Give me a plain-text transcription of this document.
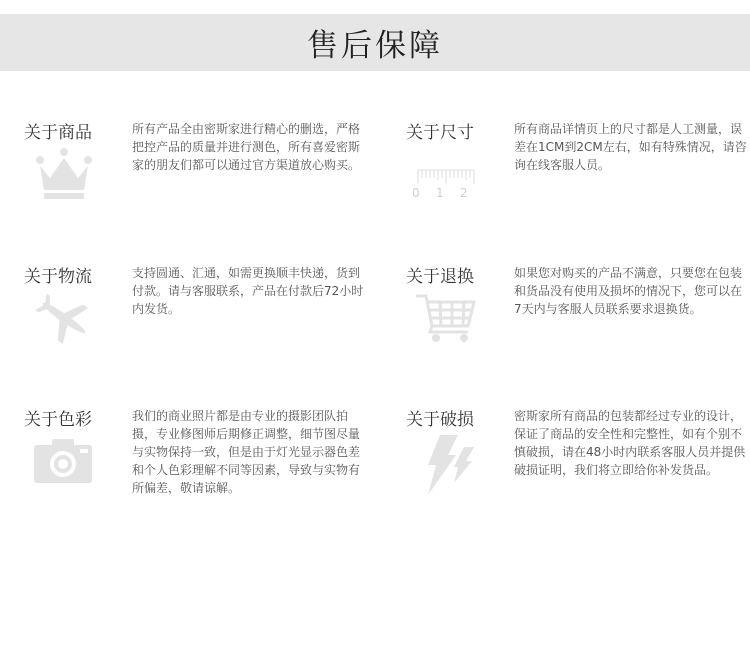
售后保障
关于商品	所有产品全由密斯家进行精心的删选，严格把控产品的质量并进行测色，所有喜爱密斯家的朋友们都可以通过官方渠道放心购买。
关于尺寸
0 1 2
所有商品详情页上的尺寸都是人工测量，误差在1CM到2CM左右，如有特殊情况，请咨询在线客服人员。
关于物流	支持圆通、汇通，如需更换顺丰快递，货到付款。请与客服联系，产品在付款后72小时内发货。
关于退换	如果您对购买的产品不满意，只要您在包装和货品没有使用及损坏的情况下，您可以在7天内与客服人员联系要求退换货。
关于色彩	我们的商业照片都是由专业的摄影团队拍摄，专业修图师后期修正调整，细节图尽量与实物保持一致，但是由于灯光显示器色差和个人色彩理解不同等因素，导致与实物有所偏差，敬请谅解。
关于破损	密斯家所有商品的包装都经过专业的设计，保证了商品的安全性和完整性，如有个别不慎破损，请在48小时内联系客服人员并提供破损证明，我们将立即给你补发货品。
